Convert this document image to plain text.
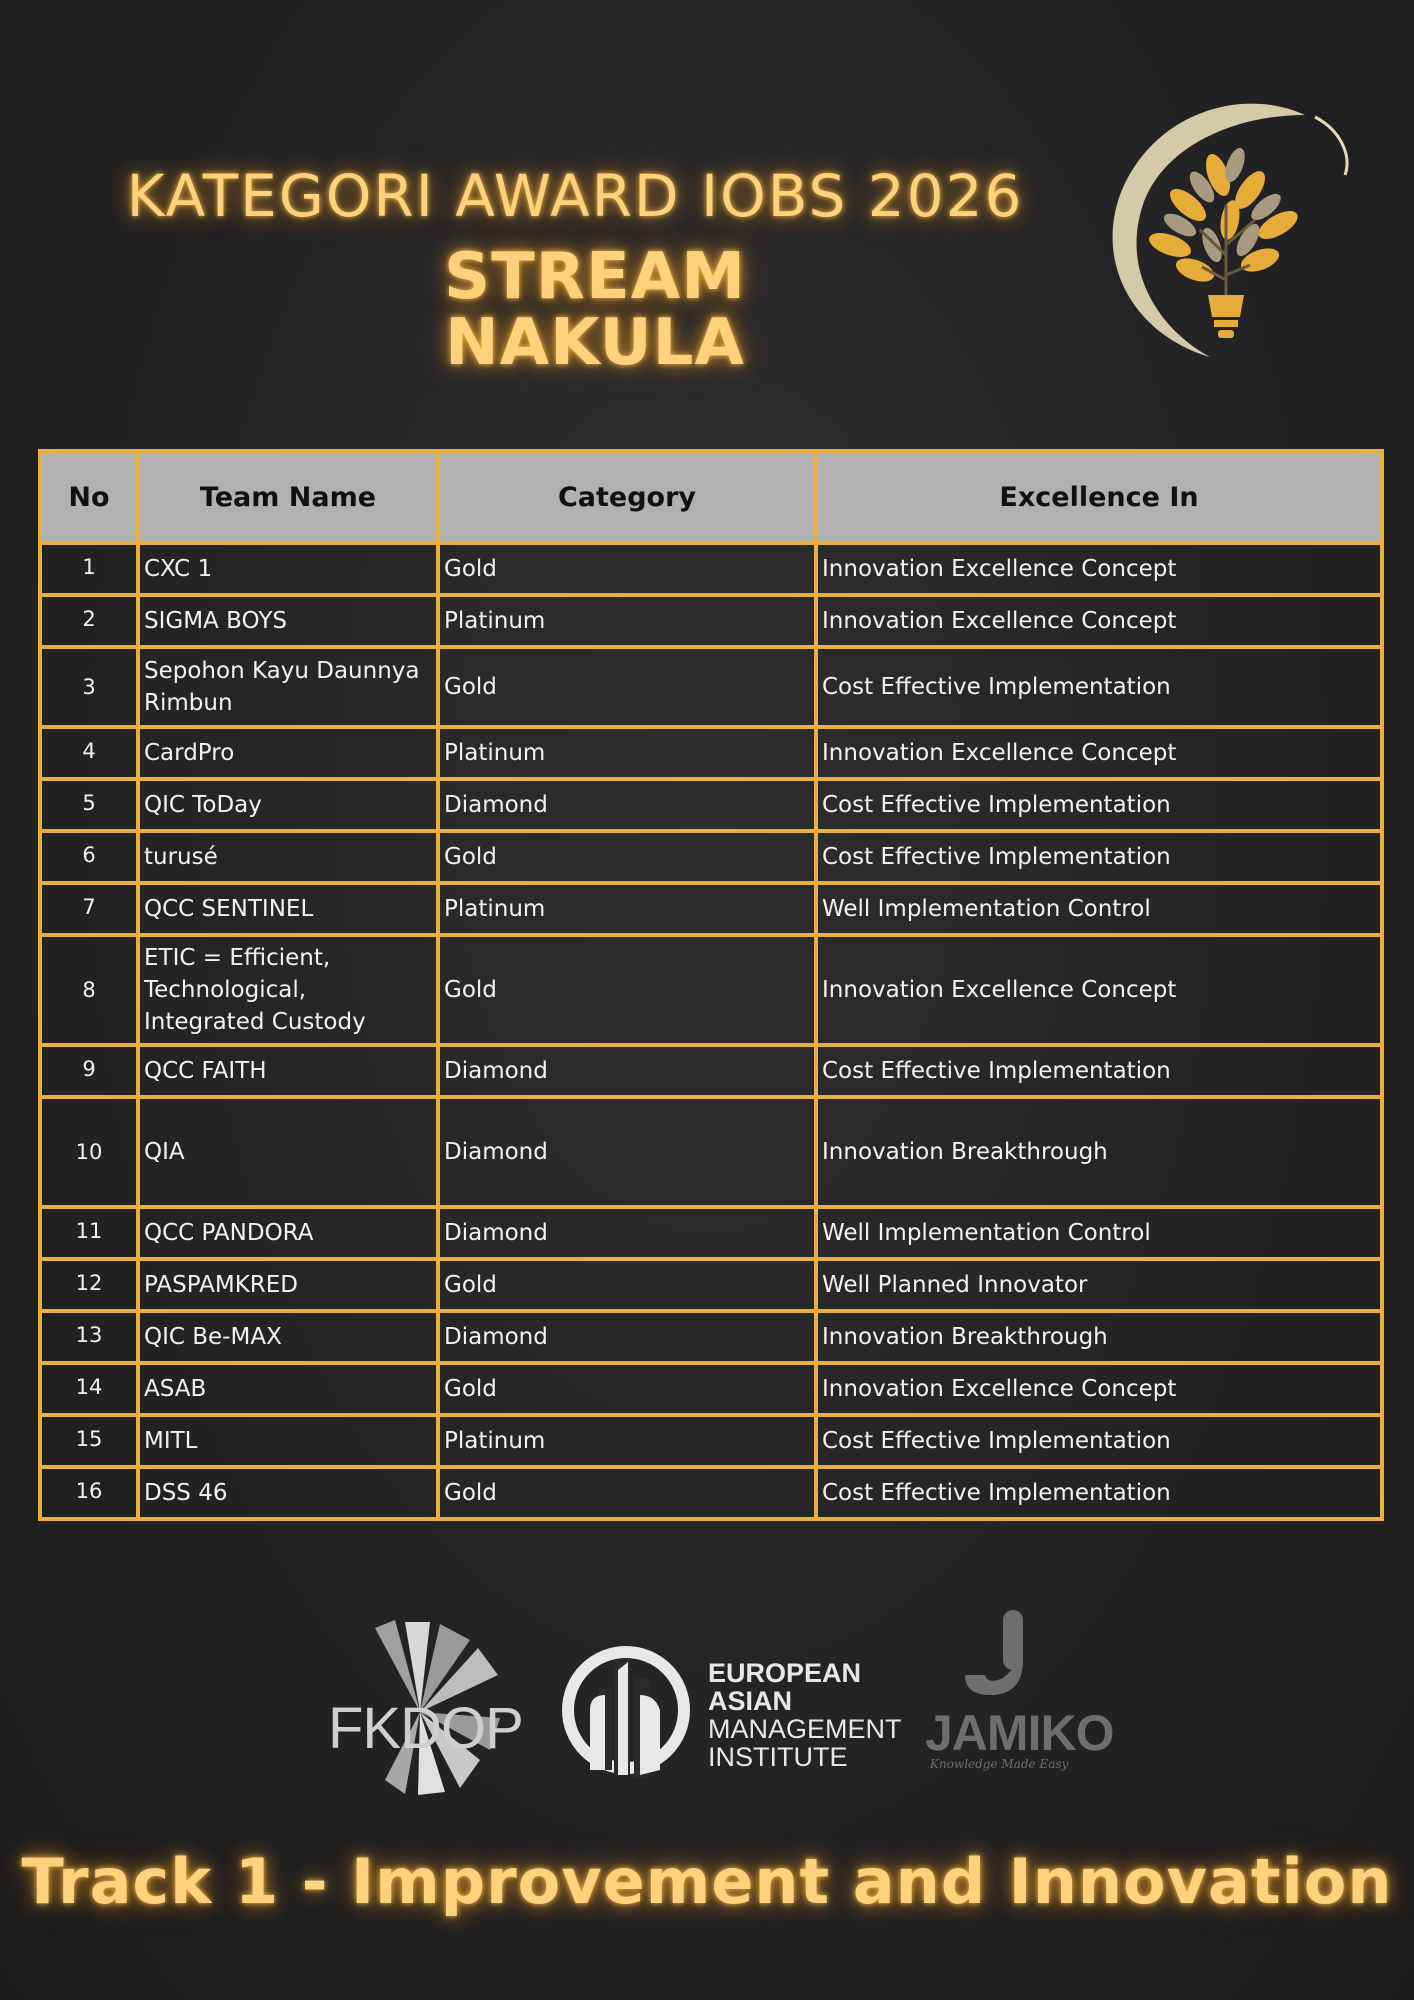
KATEGORI AWARD IOBS 2026
STREAM
NAKULA
No	Team Name	Category	Excellence In
1	CXC 1	Gold	Innovation Excellence Concept
2	SIGMA BOYS	Platinum	Innovation Excellence Concept
3	Sepohon Kayu Daunnya Rimbun	Gold	Cost Effective Implementation
4	CardPro	Platinum	Innovation Excellence Concept
5	QIC ToDay	Diamond	Cost Effective Implementation
6	turusé	Gold	Cost Effective Implementation
7	QCC SENTINEL	Platinum	Well Implementation Control
8	ETIC = Efficient, Technological, Integrated Custody	Gold	Innovation Excellence Concept
9	QCC FAITH	Diamond	Cost Effective Implementation
10	QIA	Diamond	Innovation Breakthrough
11	QCC PANDORA	Diamond	Well Implementation Control
12	PASPAMKRED	Gold	Well Planned Innovator
13	QIC Be-MAX	Diamond	Innovation Breakthrough
14	ASAB	Gold	Innovation Excellence Concept
15	MITL	Platinum	Cost Effective Implementation
16	DSS 46	Gold	Cost Effective Implementation
FKDOP
EUROPEAN
ASIAN
MANAGEMENT
INSTITUTE JAMIKO
Knowledge Made Easy
Track 1 - Improvement and Innovation
